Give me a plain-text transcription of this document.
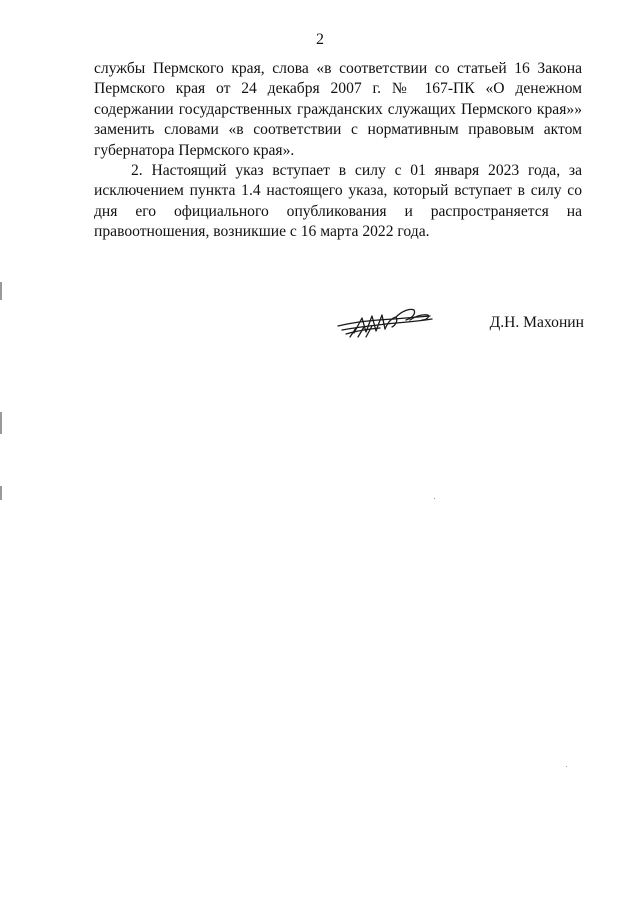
2

службы Пермского края, слова «в соответствии со статьей 16 Закона Пермского края от 24 декабря 2007 г. № 167-ПК «О денежном содержании государственных гражданских служащих Пермского края»» заменить словами «в соответствии с нормативным правовым актом губернатора Пермского края».

2. Настоящий указ вступает в силу с 01 января 2023 года, за исключением пункта 1.4 настоящего указа, который вступает в силу со дня его официального опубликования и распространяется на правоотношения, возникшие с 16 марта 2022 года.

Д.Н. Махонин
